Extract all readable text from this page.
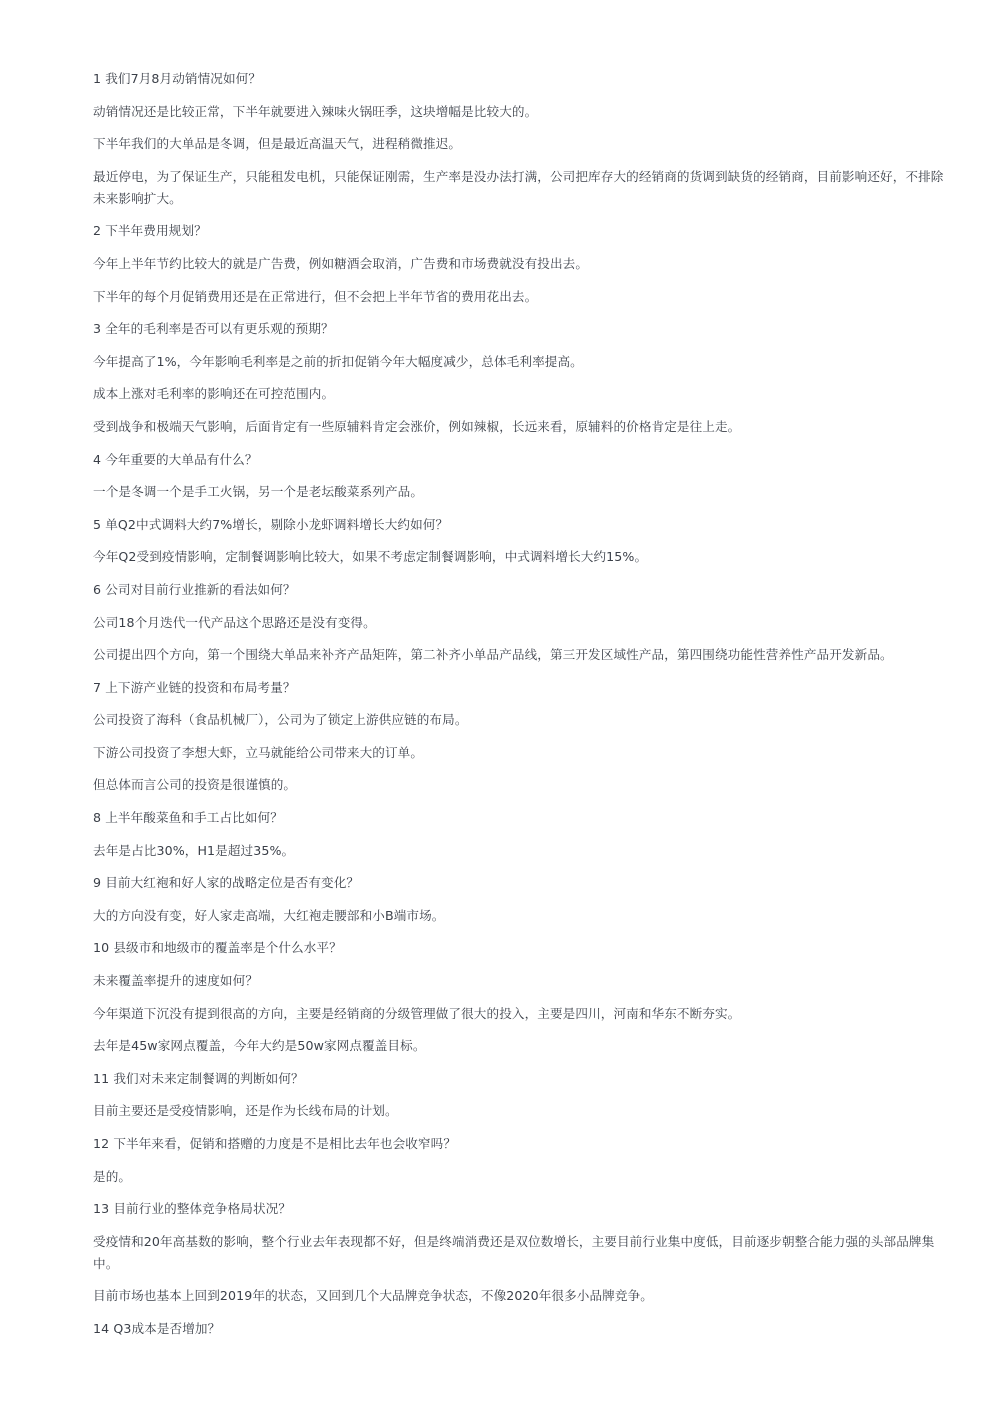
1 我们7月8月动销情况如何？

动销情况还是比较正常，下半年就要进入辣味火锅旺季，这块增幅是比较大的。

下半年我们的大单品是冬调，但是最近高温天气，进程稍微推迟。

最近停电，为了保证生产，只能租发电机，只能保证刚需，生产率是没办法打满，公司把库存大的经销商的货调到缺货的经销商，目前影响还好，不排除未来影响扩大。

2 下半年费用规划？

今年上半年节约比较大的就是广告费，例如糖酒会取消，广告费和市场费就没有投出去。

下半年的每个月促销费用还是在正常进行，但不会把上半年节省的费用花出去。

3 全年的毛利率是否可以有更乐观的预期？

今年提高了1%，今年影响毛利率是之前的折扣促销今年大幅度减少，总体毛利率提高。

成本上涨对毛利率的影响还在可控范围内。

受到战争和极端天气影响，后面肯定有一些原辅料肯定会涨价，例如辣椒，长远来看，原辅料的价格肯定是往上走。

4 今年重要的大单品有什么？

一个是冬调一个是手工火锅，另一个是老坛酸菜系列产品。

5 单Q2中式调料大约7%增长，剔除小龙虾调料增长大约如何？

今年Q2受到疫情影响，定制餐调影响比较大，如果不考虑定制餐调影响，中式调料增长大约15%。

6 公司对目前行业推新的看法如何？

公司18个月迭代一代产品这个思路还是没有变得。

公司提出四个方向，第一个围绕大单品来补齐产品矩阵，第二补齐小单品产品线，第三开发区域性产品，第四围绕功能性营养性产品开发新品。

7 上下游产业链的投资和布局考量？

公司投资了海科（食品机械厂），公司为了锁定上游供应链的布局。

下游公司投资了李想大虾，立马就能给公司带来大的订单。

但总体而言公司的投资是很谨慎的。

8 上半年酸菜鱼和手工占比如何？

去年是占比30%，H1是超过35%。

9 目前大红袍和好人家的战略定位是否有变化？

大的方向没有变，好人家走高端，大红袍走腰部和小B端市场。

10 县级市和地级市的覆盖率是个什么水平？

未来覆盖率提升的速度如何？

今年渠道下沉没有提到很高的方向，主要是经销商的分级管理做了很大的投入，主要是四川，河南和华东不断夯实。

去年是45w家网点覆盖，今年大约是50w家网点覆盖目标。

11 我们对未来定制餐调的判断如何？

目前主要还是受疫情影响，还是作为长线布局的计划。

12 下半年来看，促销和搭赠的力度是不是相比去年也会收窄吗？

是的。

13 目前行业的整体竞争格局状况？

受疫情和20年高基数的影响，整个行业去年表现都不好，但是终端消费还是双位数增长，主要目前行业集中度低，目前逐步朝整合能力强的头部品牌集中。

目前市场也基本上回到2019年的状态，又回到几个大品牌竞争状态，不像2020年很多小品牌竞争。

14 Q3成本是否增加？
